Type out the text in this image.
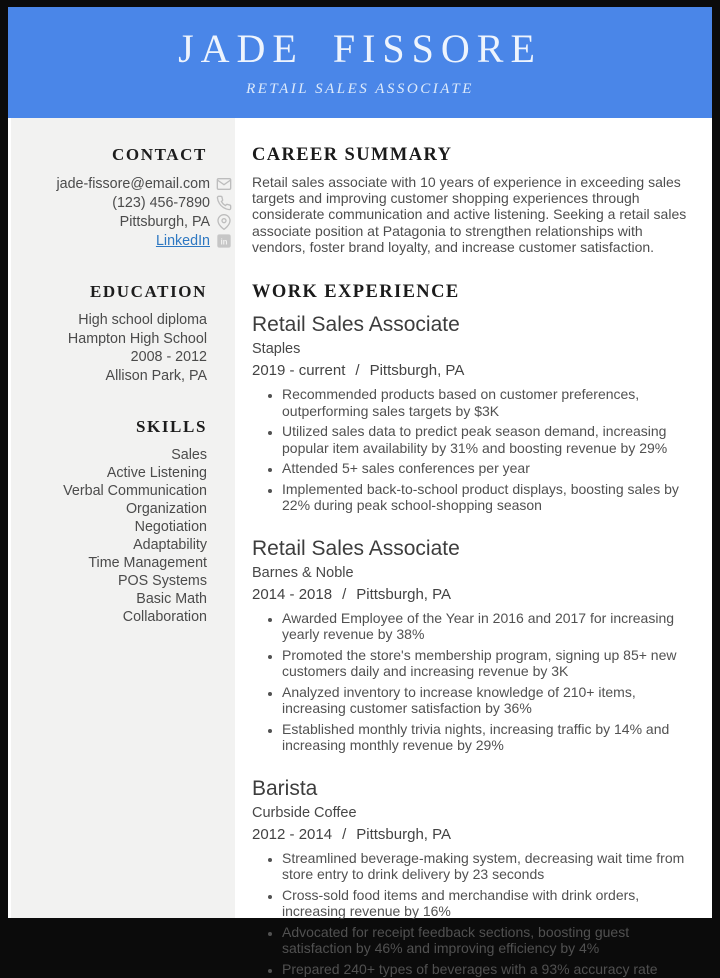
JADE FISSORE
RETAIL SALES ASSOCIATE
CONTACT
jade-fissore@email.com
(123) 456-7890
Pittsburgh, PA
LinkedIn in
EDUCATION
High school diploma
Hampton High School
2008 - 2012
Allison Park, PA
SKILLS
Sales
Active Listening
Verbal Communication
Organization
Negotiation
Adaptability
Time Management
POS Systems
Basic Math
Collaboration
CAREER SUMMARY

Retail sales associate with 10 years of experience in exceeding sales targets and improving customer shopping experiences through considerate communication and active listening. Seeking a retail sales associate position at Patagonia to strengthen relationships with vendors, foster brand loyalty, and increase customer satisfaction.

WORK EXPERIENCE
Retail Sales Associate
Staples
2019 - current / Pittsburgh, PA
• Recommended products based on customer preferences, outperforming sales targets by $3K
• Utilized sales data to predict peak season demand, increasing popular item availability by 31% and boosting revenue by 29%
• Attended 5+ sales conferences per year
• Implemented back-to-school product displays, boosting sales by 22% during peak school-shopping season
Retail Sales Associate
Barnes & Noble
2014 - 2018 / Pittsburgh, PA
• Awarded Employee of the Year in 2016 and 2017 for increasing yearly revenue by 38%
• Promoted the store's membership program, signing up 85+ new customers daily and increasing revenue by 3K
• Analyzed inventory to increase knowledge of 210+ items, increasing customer satisfaction by 36%
• Established monthly trivia nights, increasing traffic by 14% and increasing monthly revenue by 29%
Barista
Curbside Coffee
2012 - 2014 / Pittsburgh, PA
• Streamlined beverage-making system, decreasing wait time from store entry to drink delivery by 23 seconds
• Cross-sold food items and merchandise with drink orders, increasing revenue by 16%
• Advocated for receipt feedback sections, boosting guest satisfaction by 46% and improving efficiency by 4%
• Prepared 240+ types of beverages with a 93% accuracy rate
